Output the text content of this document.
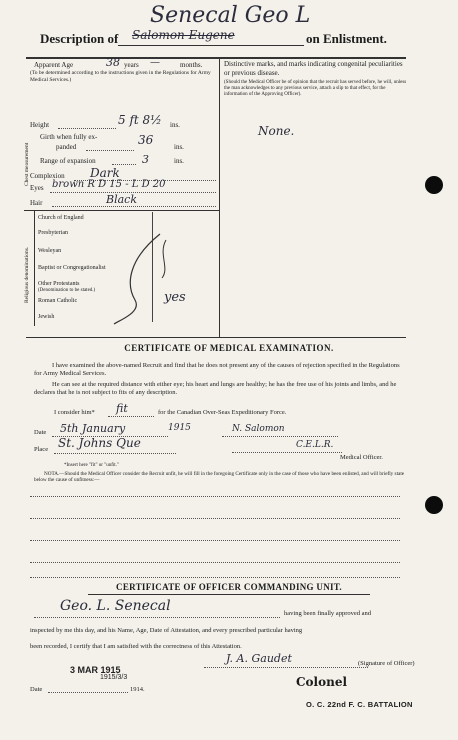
Senecal Geo L
Description of Salomon Eugene	on Enlistment.
Apparent Age	38 years —	months.
(To be determined according to the instructions given in the Regulations for Army Medical Services.)
Height	5 ft 8½ ins.
Chest measurement
Girth when fully ex-
panded	36	ins.
Range of expansion	3	ins.
Complexion Dark
Eyes brown R D 15 - L D 20
Hair	Black
Religious denominations.
Church of England
Presbyterian
Wesleyan
Baptist or Congregationalist
Other Protestants
(Denomination to be stated.)
Roman Catholic
Jewish
yes
Distinctive marks, and marks indicating congenital peculiarities or previous disease.
(Should the Medical Officer be of opinion that the recruit has served before, he will, unless the man acknowledges to any previous service, attach a slip to that effect, for the information of the Approving Officer).
None.
CERTIFICATE OF MEDICAL EXAMINATION.
I have examined the above-named Recruit and find that he does not present any of the causes of rejection specified in the Regulations for Army Medical Services.
He can see at the required distance with either eye; his heart and lungs are healthy; he has the free use of his joints and limbs, and he declares that he is not subject to fits of any description.
I consider him* fit	for the Canadian Over-Seas Expeditionary Force.
Date 5th January	1915	N. Salomon
Place St. Johns Que	C.E.L.R.
Medical Officer.
*Insert here "fit" or "unfit."
NOTA.—Should the Medical Officer consider the Recruit unfit, he will fill in the foregoing Certificate only in the case of those who have been enlisted, and will briefly state below the cause of unfitness:—
CERTIFICATE OF OFFICER COMMANDING UNIT.
Geo. L. Senecal	having been finally approved and
inspected by me this day, and his Name, Age, Date of Attestation, and every prescribed particular having
been recorded, I certify that I am satisfied with the correctness of this Attestation.
J. A. Gaudet	(Signature of Officer)
3 MAR 1915
Date
1915/3/3
1914.
Colonel
O. C. 22nd F. C. BATTALION
